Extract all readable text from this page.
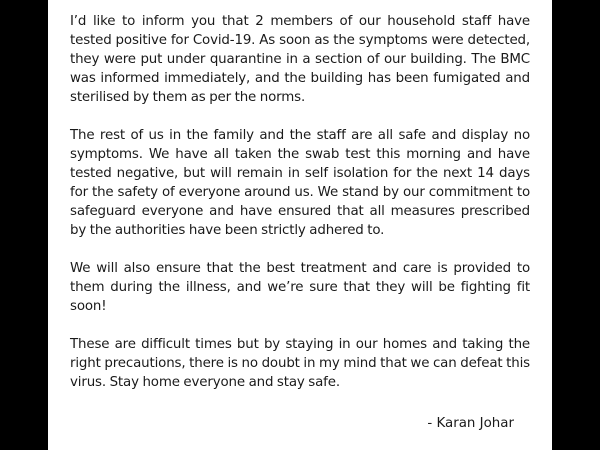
I’d like to inform you that 2 members of our household staff have tested positive for Covid-19. As soon as the symptoms were detected, they were put under quarantine in a section of our building. The BMC was informed immediately, and the building has been fumigated and sterilised by them as per the norms.

The rest of us in the family and the staff are all safe and display no symptoms. We have all taken the swab test this morning and have tested negative, but will remain in self isolation for the next 14 days for the safety of everyone around us. We stand by our commitment to safeguard everyone and have ensured that all measures prescribed by the authorities have been strictly adhered to.

We will also ensure that the best treatment and care is provided to them during the illness, and we’re sure that they will be fighting fit soon!

These are difficult times but by staying in our homes and taking the right precautions, there is no doubt in my mind that we can defeat this virus. Stay home everyone and stay safe.

- Karan Johar
